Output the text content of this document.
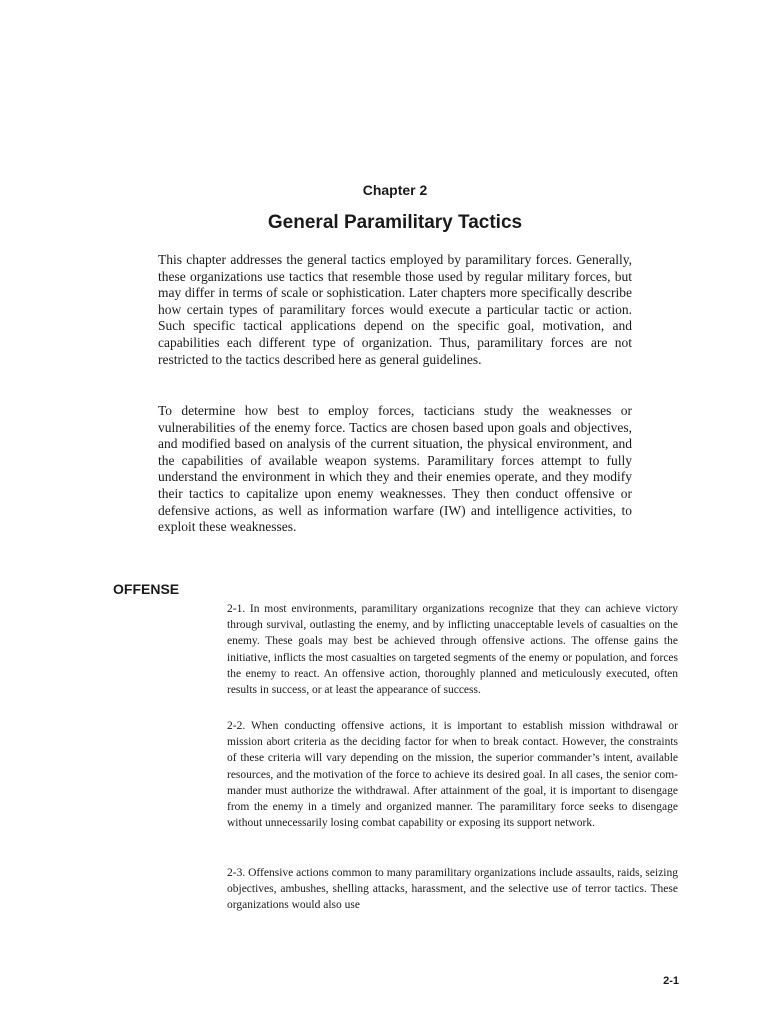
Chapter 2
General Paramilitary Tactics

This chapter addresses the general tactics employed by paramilitary forces. Generally, these organizations use tactics that resemble those used by regular military forces, but may differ in terms of scale or sophistication. Later chapters more specifically describe how certain types of paramilitary forces would execute a particular tactic or action. Such specific tactical applications depend on the specific goal, motivation, and capabilities each different type of organization. Thus, paramilitary forces are not restricted to the tactics described here as general guidelines.

To determine how best to employ forces, tacticians study the weaknesses or vulnerabilities of the enemy force. Tactics are chosen based upon goals and objectives, and modified based on analysis of the current situation, the physical environment, and the capabilities of available weapon systems. Paramilitary forces attempt to fully understand the environment in which they and their enemies operate, and they modify their tactics to capitalize upon enemy weaknesses. They then conduct offensive or defensive actions, as well as information warfare (IW) and intelligence activities, to exploit these weaknesses.

OFFENSE

2-1. In most environments, paramilitary organizations recognize that they can achieve victory through survival, outlasting the enemy, and by inflicting unacceptable levels of casualties on the enemy. These goals may best be achieved through offensive actions. The offense gains the initiative, inflicts the most casualties on targeted segments of the enemy or population, and forces the enemy to react. An offensive action, thoroughly planned and meticulously executed, often results in success, or at least the appearance of success.

2-2. When conducting offensive actions, it is important to establish mission withdrawal or mission abort criteria as the deciding factor for when to break contact. However, the constraints of these criteria will vary depending on the mission, the superior commander’s intent, available resources, and the motivation of the force to achieve its desired goal. In all cases, the senior commander must authorize the withdrawal. After attainment of the goal, it is important to disengage from the enemy in a timely and organized manner. The paramilitary force seeks to disengage without unnecessarily losing combat capability or exposing its support network.

2-3. Offensive actions common to many paramilitary organizations include assaults, raids, seizing objectives, ambushes, shelling attacks, harassment, and the selective use of terror tactics. These organizations would also use

2-1
